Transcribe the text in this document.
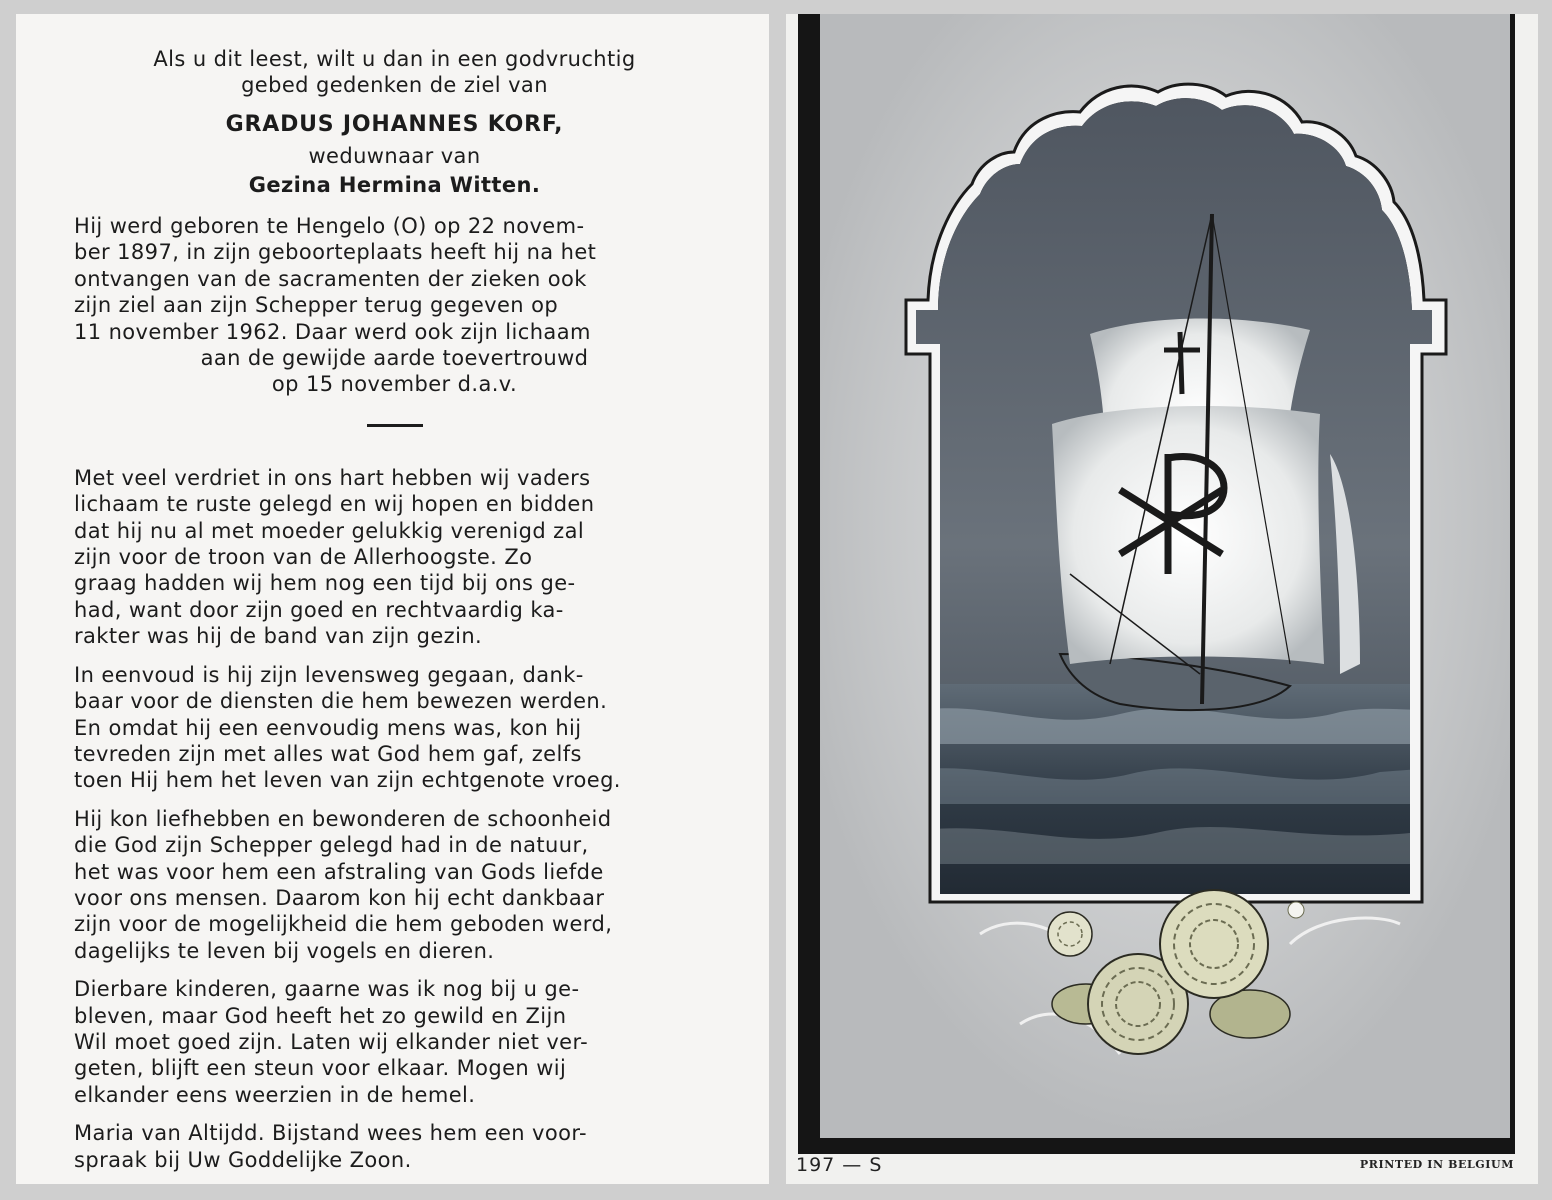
Als u dit leest, wilt u dan in een godvruchtig

gebed gedenken de ziel van

GRADUS JOHANNES KORF,

weduwnaar van

Gezina Hermina Witten.

Hij werd geboren te Hengelo (O) op 22 novem-

ber 1897, in zijn geboorteplaats heeft hij na het

ontvangen van de sacramenten der zieken ook

zijn ziel aan zijn Schepper terug gegeven op

11 november 1962. Daar werd ook zijn lichaam

aan de gewijde aarde toevertrouwd

op 15 november d.a.v.

Met veel verdriet in ons hart hebben wij vaders

lichaam te ruste gelegd en wij hopen en bidden

dat hij nu al met moeder gelukkig verenigd zal

zijn voor de troon van de Allerhoogste. Zo

graag hadden wij hem nog een tijd bij ons ge-

had, want door zijn goed en rechtvaardig ka-

rakter was hij de band van zijn gezin.

In eenvoud is hij zijn levensweg gegaan, dank-

baar voor de diensten die hem bewezen werden.

En omdat hij een eenvoudig mens was, kon hij

tevreden zijn met alles wat God hem gaf, zelfs

toen Hij hem het leven van zijn echtgenote vroeg.

Hij kon liefhebben en bewonderen de schoonheid

die God zijn Schepper gelegd had in de natuur,

het was voor hem een afstraling van Gods liefde

voor ons mensen. Daarom kon hij echt dankbaar

zijn voor de mogelijkheid die hem geboden werd,

dagelijks te leven bij vogels en dieren.

Dierbare kinderen, gaarne was ik nog bij u ge-

bleven, maar God heeft het zo gewild en Zijn

Wil moet goed zijn. Laten wij elkander niet ver-

geten, blijft een steun voor elkaar. Mogen wij

elkander eens weerzien in de hemel.

Maria van Altijdd. Bijstand wees hem een voor-

spraak bij Uw Goddelijke Zoon.	197 — S	PRINTED IN BELGIUM
